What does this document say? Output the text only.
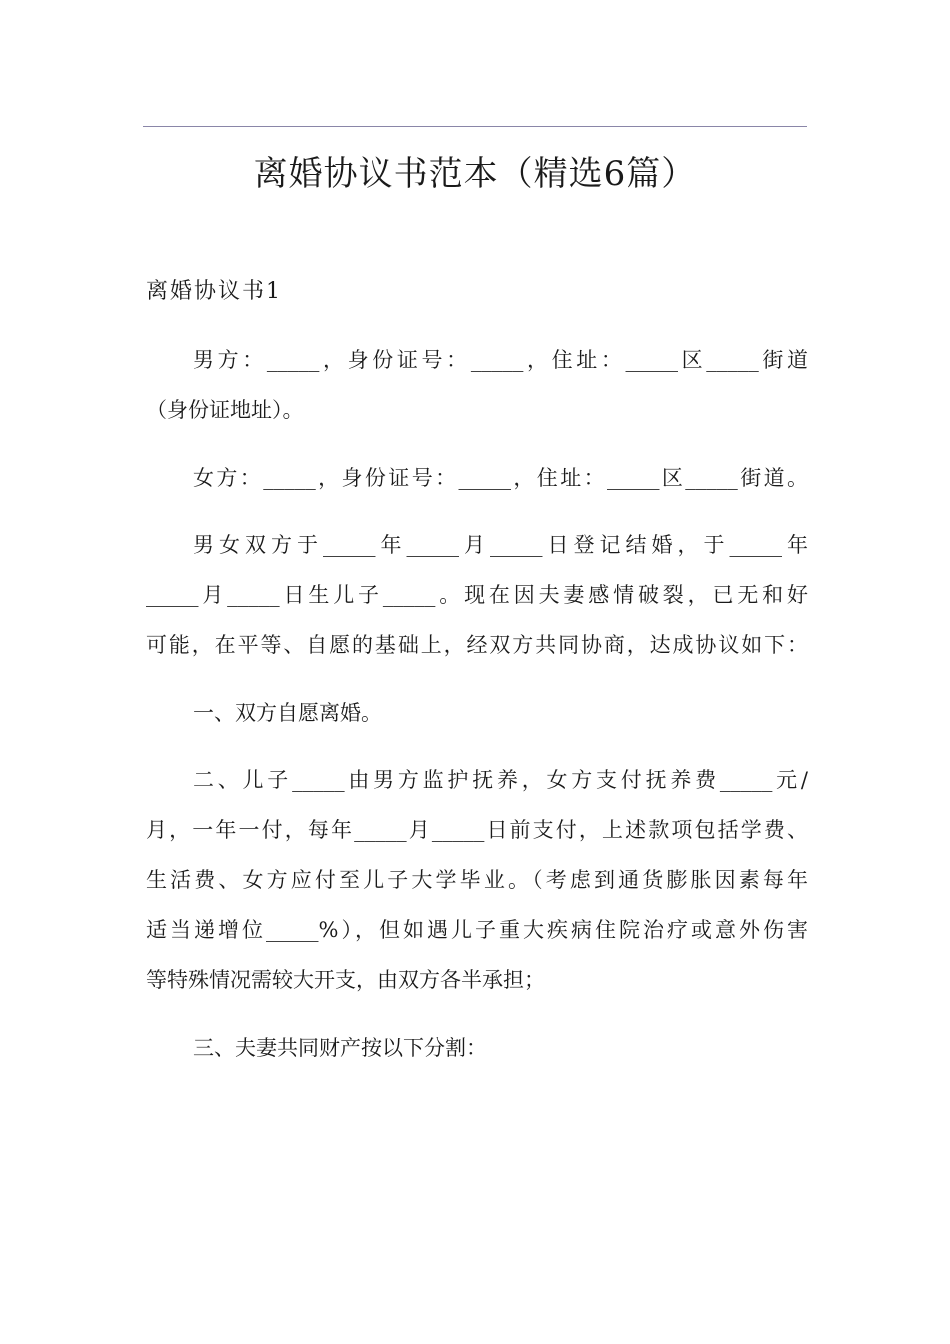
离婚协议书范本（精选6篇）
离婚协议书1
男方：_____，身份证号：_____，住址：_____区_____街道
（身份证地址）。
女方：_____，身份证号：_____，住址：_____区_____街道。
男女双方于_____年_____月_____日登记结婚，于_____年
_____月_____日生儿子_____。现在因夫妻感情破裂，已无和好
可能，在平等、自愿的基础上，经双方共同协商，达成协议如下：
一、双方自愿离婚。
二、儿子_____由男方监护抚养，女方支付抚养费_____元/
月，一年一付，每年_____月_____日前支付，上述款项包括学费、
生活费、女方应付至儿子大学毕业。（考虑到通货膨胀因素每年
适当递增位_____%），但如遇儿子重大疾病住院治疗或意外伤害
等特殊情况需较大开支，由双方各半承担；
三、夫妻共同财产按以下分割：
